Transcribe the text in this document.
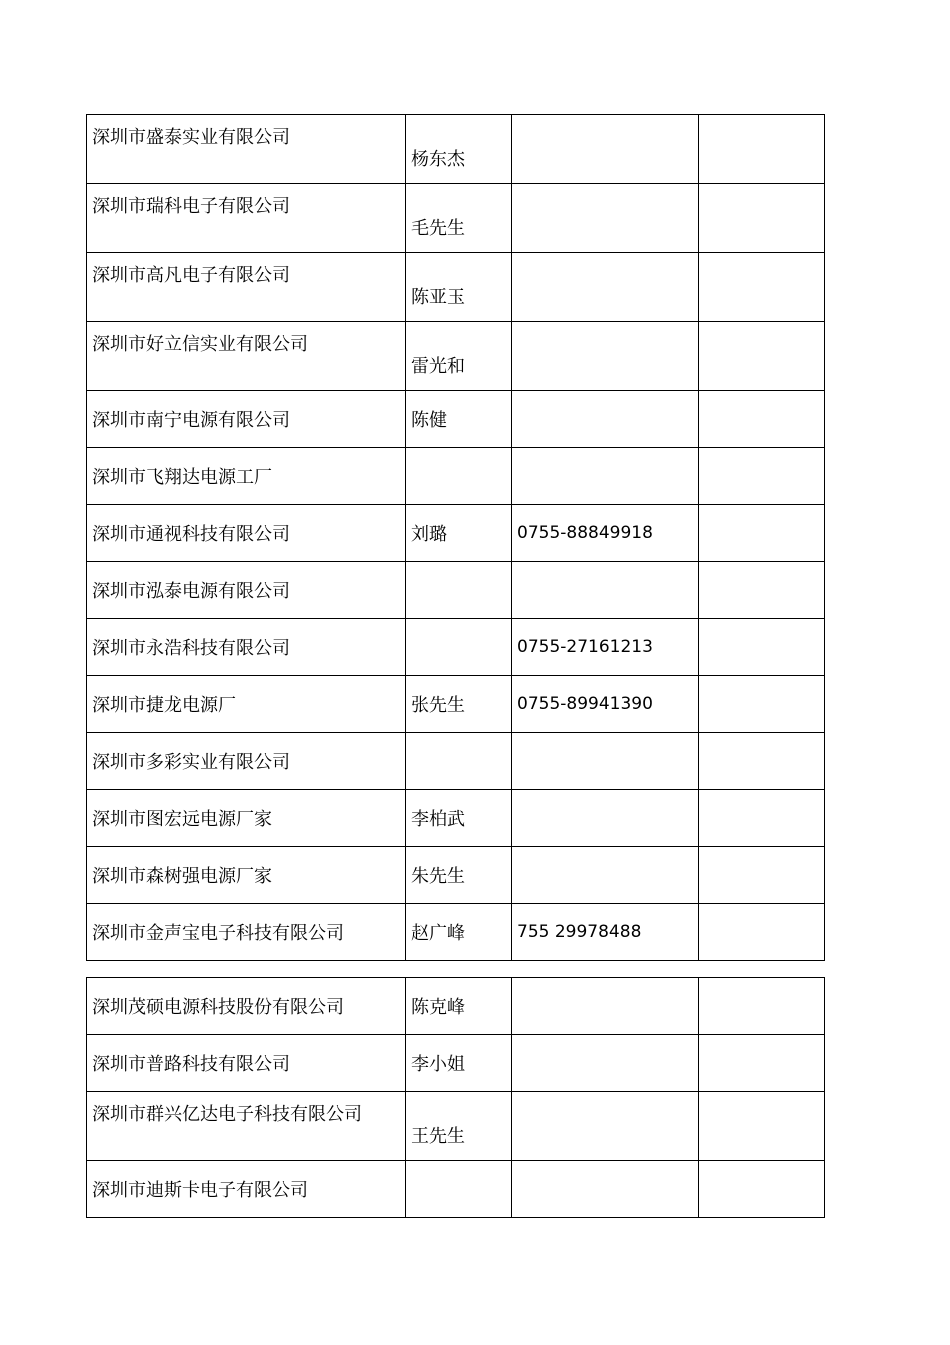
深圳市盛泰实业有限公司	杨东杰		
深圳市瑞科电子有限公司	毛先生		
深圳市高凡电子有限公司	陈亚玉		
深圳市好立信实业有限公司	雷光和		
深圳市南宁电源有限公司	陈健		
深圳市飞翔达电源工厂			
深圳市通视科技有限公司	刘璐	0755-88849918	
深圳市泓泰电源有限公司			
深圳市永浩科技有限公司		0755-27161213	
深圳市捷龙电源厂	张先生	0755-89941390	
深圳市多彩实业有限公司			
深圳市图宏远电源厂家	李柏武		
深圳市森树强电源厂家	朱先生		
深圳市金声宝电子科技有限公司	赵广峰	755 29978488	
深圳茂硕电源科技股份有限公司	陈克峰		
深圳市普路科技有限公司	李小姐		
深圳市群兴亿达电子科技有限公司	王先生		
深圳市迪斯卡电子有限公司			
